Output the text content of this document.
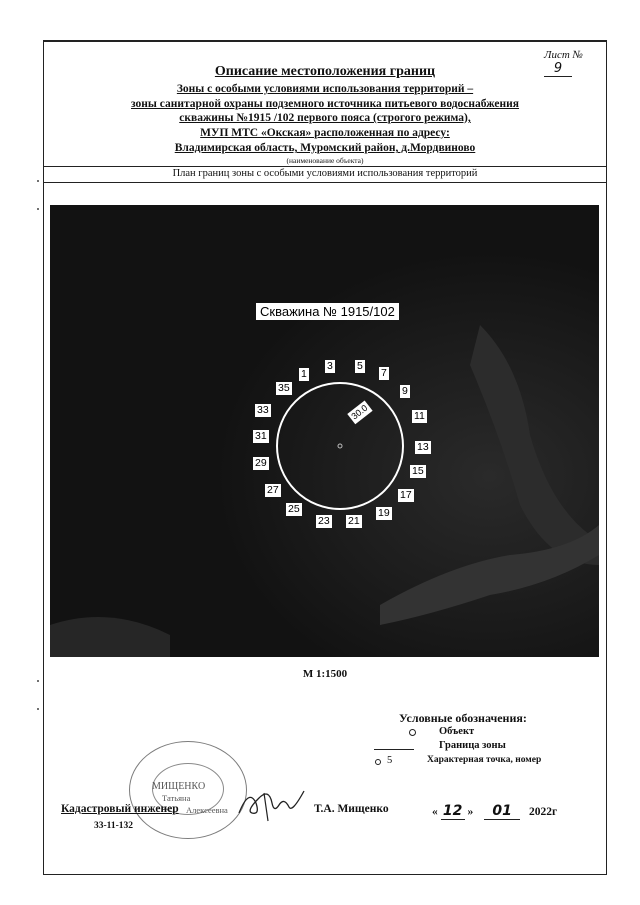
Лист № 9
Описание местоположения границ
Зоны с особыми условиями использования территорий –
зоны санитарной охраны подземного источника питьевого водоснабжения
скважины №1915 /102 первого пояса (строгого режима),
МУП МТС «Окская» расположенная по адресу:
Владимирская область, Муромский район, д.Мордвиново
(наименование объекта)
План границ зоны с особыми условиями использования территорий
Скважина № 1915/102
30.0
1
3 5
7
9
11
13
15
17
19
21
23
25
27
29
31
33
35
М 1:1500
Условные обозначения:
Объект
Граница зоны
5	Характерная точка, номер
МИЩЕНКО
Татьяна
Алексеевна
Кадастровый инженер
33-11-132
Т.А. Мищенко	« 12 » 01 2022г
